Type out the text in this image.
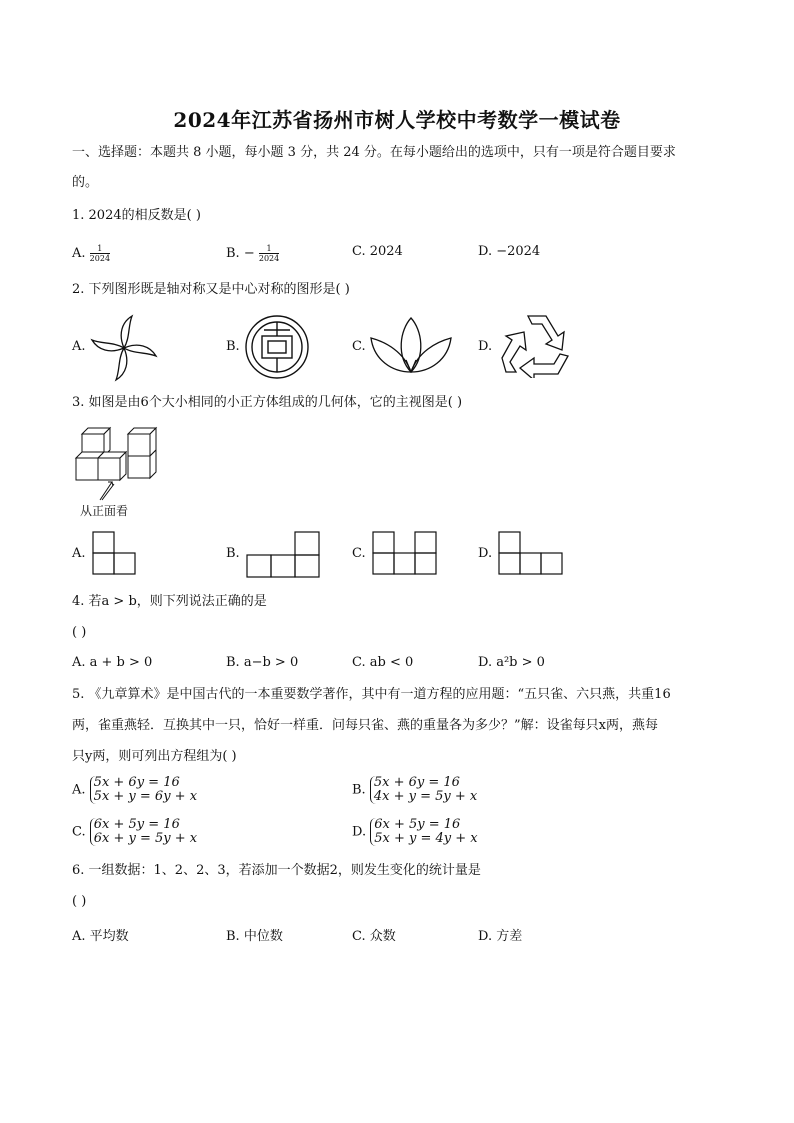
2024年江苏省扬州市树人学校中考数学一模试卷
一、选择题：本题共 8 小题，每小题 3 分，共 24 分。在每小题给出的选项中，只有一项是符合题目要求
的。
1. 2024的相反数是( )
A. $\frac{1}{2024}$	B. − $\frac{1}{2024}$	C. 2024	D. −2024
2. 下列图形既是轴对称又是中心对称的图形是( )
A.	B.	C.	D.
3. 如图是由6个大小相同的小正方体组成的几何体，它的主视图是( )
从正面看
A.	B.	C.	D.
4. 若a > b，则下列说法正确的是
( )
A. a + b > 0	B. a−b > 0	C. ab < 0	D. a²b > 0
5. 《九章算术》是中国古代的一本重要数学著作，其中有一道方程的应用题：“五只雀、六只燕，共重16
两，雀重燕轻．互换其中一只，恰好一样重．问每只雀、燕的重量各为多少？”解：设雀每只x两，燕每
只y两，则可列出方程组为( )
A. 5x + 6y = 16
5x + y = 6y + x	B. 5x + 6y = 16
4x + y = 5y + x
C. 6x + 5y = 16
6x + y = 5y + x	D. 6x + 5y = 16
5x + y = 4y + x
6. 一组数据：1、2、2、3，若添加一个数据2，则发生变化的统计量是
( )
A. 平均数	B. 中位数	C. 众数	D. 方差
